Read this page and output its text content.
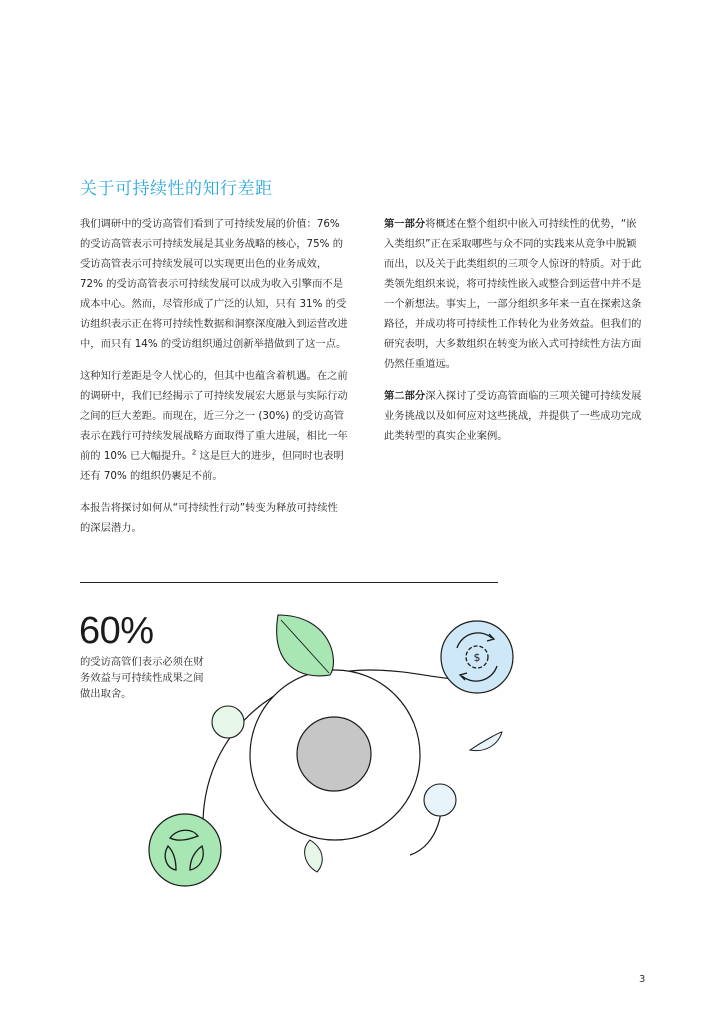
关于可持续性的知行差距

我们调研中的受访高管们看到了可持续发展的价值：76% 的受访高管表示可持续发展是其业务战略的核心，75% 的受访高管表示可持续发展可以实现更出色的业务成效，72% 的受访高管表示可持续发展可以成为收入引擎而不是成本中心。然而，尽管形成了广泛的认知，只有 31% 的受访组织表示正在将可持续性数据和洞察深度融入到运营改进中，而只有 14% 的受访组织通过创新举措做到了这一点。

这种知行差距是令人忧心的，但其中也蕴含着机遇。在之前的调研中，我们已经揭示了可持续发展宏大愿景与实际行动之间的巨大差距。而现在，近三分之一 (30%) 的受访高管表示在践行可持续发展战略方面取得了重大进展，相比一年前的 10% 已大幅提升。$^2$ 这是巨大的进步，但同时也表明还有 70% 的组织仍裹足不前。

本报告将探讨如何从“可持续性行动”转变为释放可持续性的深层潜力。

第一部分将概述在整个组织中嵌入可持续性的优势，“嵌入类组织”正在采取哪些与众不同的实践来从竞争中脱颖而出，以及关于此类组织的三项令人惊讶的特质。对于此类领先组织来说，将可持续性嵌入或整合到运营中并不是一个新想法。事实上，一部分组织多年来一直在探索这条路径，并成功将可持续性工作转化为业务效益。但我们的研究表明，大多数组织在转变为嵌入式可持续性方法方面仍然任重道远。

第二部分深入探讨了受访高管面临的三项关键可持续发展业务挑战以及如何应对这些挑战，并提供了一些成功完成此类转型的真实企业案例。

$
60%
的受访高管们表示必须在财务效益与可持续性成果之间做出取舍。
3
